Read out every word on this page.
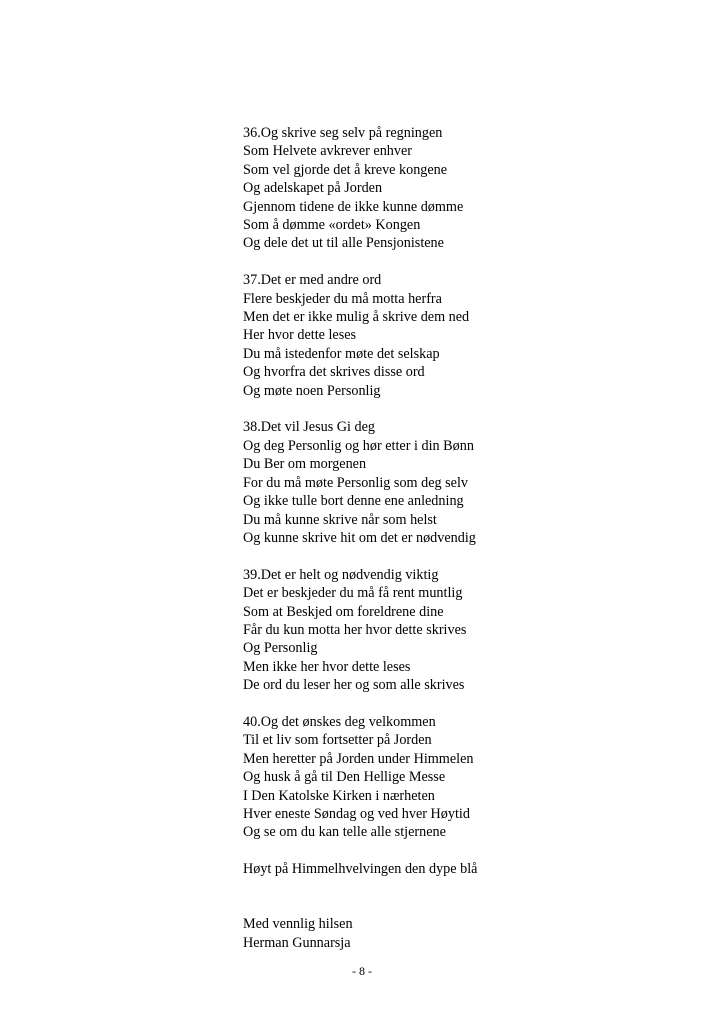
36.Og skrive seg selv på regningen
Som Helvete avkrever enhver
Som vel gjorde det å kreve kongene
Og adelskapet på Jorden
Gjennom tidene de ikke kunne dømme
Som å dømme «ordet» Kongen
Og dele det ut til alle Pensjonistene
37.Det er med andre ord
Flere beskjeder du må motta herfra
Men det er ikke mulig å skrive dem ned
Her hvor dette leses
Du må istedenfor møte det selskap
Og hvorfra det skrives disse ord
Og møte noen Personlig
38.Det vil Jesus Gi deg
Og deg Personlig og hør etter i din Bønn
Du Ber om morgenen
For du må møte Personlig som deg selv
Og ikke tulle bort denne ene anledning
Du må kunne skrive når som helst
Og kunne skrive hit om det er nødvendig
39.Det er helt og nødvendig viktig
Det er beskjeder du må få rent muntlig
Som at Beskjed om foreldrene dine
Får du kun motta her hvor dette skrives
Og Personlig
Men ikke her hvor dette leses
De ord du leser her og som alle skrives
40.Og det ønskes deg velkommen
Til et liv som fortsetter på Jorden
Men heretter på Jorden under Himmelen
Og husk å gå til Den Hellige Messe
I Den Katolske Kirken i nærheten
Hver eneste Søndag og ved hver Høytid
Og se om du kan telle alle stjernene
Høyt på Himmelhvelvingen den dype blå
Med vennlig hilsen
Herman Gunnarsja
- 8 -
